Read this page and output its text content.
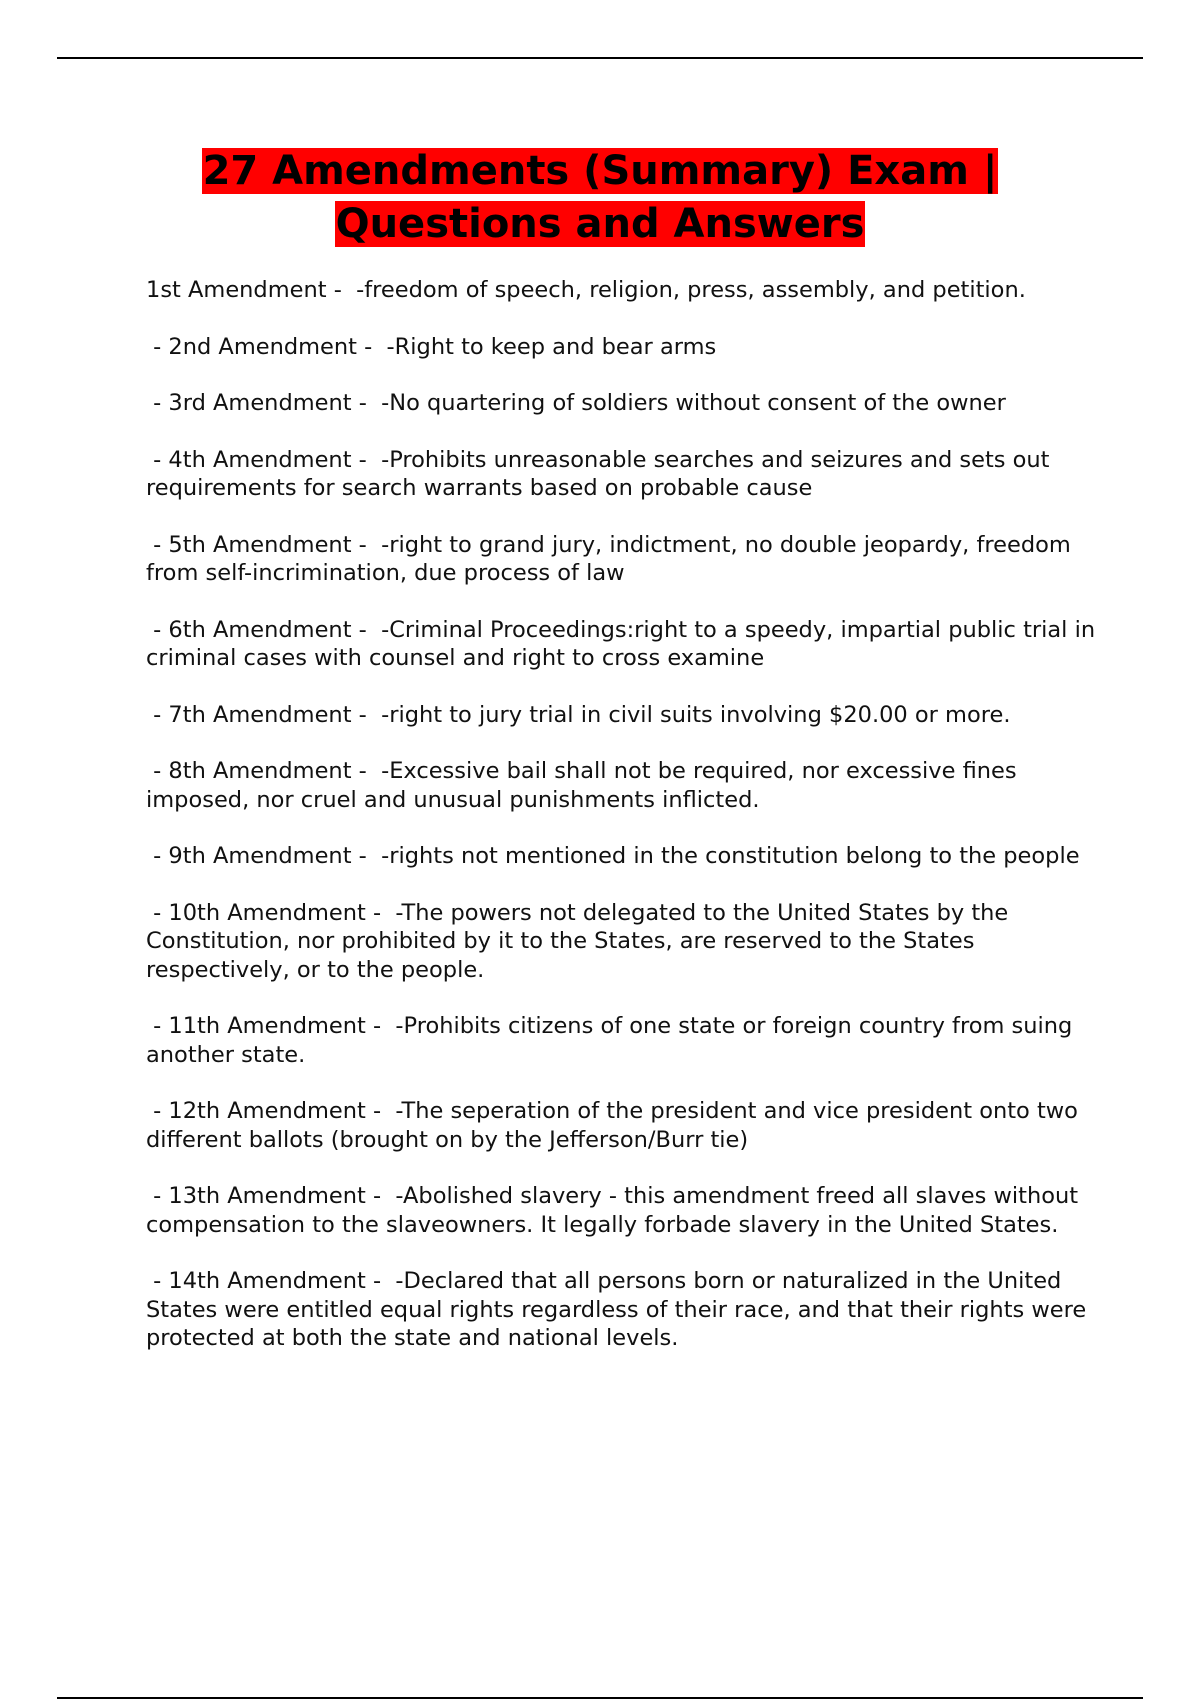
27 Amendments (Summary) Exam |
Questions and Answers

1st Amendment -  -freedom of speech, religion, press, assembly, and petition.

- 2nd Amendment -  -Right to keep and bear arms

- 3rd Amendment -  -No quartering of soldiers without consent of the owner

- 4th Amendment -  -Prohibits unreasonable searches and seizures and sets out requirements for search warrants based on probable cause

- 5th Amendment -  -right to grand jury, indictment, no double jeopardy, freedom from self-incrimination, due process of law

- 6th Amendment -  -Criminal Proceedings:right to a speedy, impartial public trial in criminal cases with counsel and right to cross examine

- 7th Amendment -  -right to jury trial in civil suits involving $20.00 or more.

- 8th Amendment -  -Excessive bail shall not be required, nor excessive fines imposed, nor cruel and unusual punishments inflicted.

- 9th Amendment -  -rights not mentioned in the constitution belong to the people

- 10th Amendment -  -The powers not delegated to the United States by the Constitution, nor prohibited by it to the States, are reserved to the States respectively, or to the people.

- 11th Amendment -  -Prohibits citizens of one state or foreign country from suing another state.

- 12th Amendment -  -The seperation of the president and vice president onto two different ballots (brought on by the Jefferson/Burr tie)

- 13th Amendment -  -Abolished slavery - this amendment freed all slaves without compensation to the slaveowners. It legally forbade slavery in the United States.

- 14th Amendment -  -Declared that all persons born or naturalized in the United States were entitled equal rights regardless of their race, and that their rights were protected at both the state and national levels.
